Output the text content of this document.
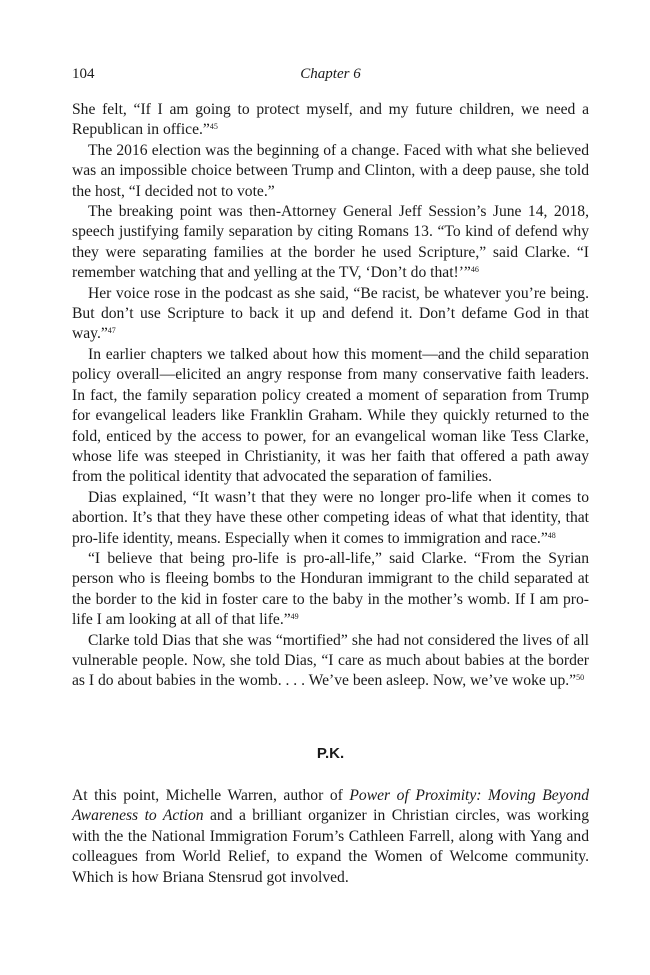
104	Chapter 6

She felt, “If I am going to protect myself, and my future children, we need a Republican in office.”$^{45}$

The 2016 election was the beginning of a change. Faced with what she believed was an impossible choice between Trump and Clinton, with a deep pause, she told the host, “I decided not to vote.”

The breaking point was then-Attorney General Jeff Session’s June 14, 2018, speech justifying family separation by citing Romans 13. “To kind of defend why they were separating families at the border he used Scripture,” said Clarke. “I remember watching that and yelling at the TV, ‘Don’t do that!’”$^{46}$

Her voice rose in the podcast as she said, “Be racist, be whatever you’re being. But don’t use Scripture to back it up and defend it. Don’t defame God in that way.”$^{47}$

In earlier chapters we talked about how this moment—and the child separation policy overall—elicited an angry response from many conservative faith leaders. In fact, the family separation policy created a moment of separation from Trump for evangelical leaders like Franklin Graham. While they quickly returned to the fold, enticed by the access to power, for an evangelical woman like Tess Clarke, whose life was steeped in Christianity, it was her faith that offered a path away from the political identity that advocated the separation of families.

Dias explained, “It wasn’t that they were no longer pro-life when it comes to abortion. It’s that they have these other competing ideas of what that identity, that pro-life identity, means. Especially when it comes to immigration and race.”$^{48}$

“I believe that being pro-life is pro-all-life,” said Clarke. “From the Syrian person who is fleeing bombs to the Honduran immigrant to the child separated at the border to the kid in foster care to the baby in the mother’s womb. If I am pro-life I am looking at all of that life.”$^{49}$

Clarke told Dias that she was “mortified” she had not considered the lives of all vulnerable people. Now, she told Dias, “I care as much about babies at the border as I do about babies in the womb. . . . We’ve been asleep. Now, we’ve woke up.”$^{50}$

P.K.

At this point, Michelle Warren, author of Power of Proximity: Moving Beyond Awareness to Action and a brilliant organizer in Christian circles, was working with the the National Immigration Forum’s Cathleen Farrell, along with Yang and colleagues from World Relief, to expand the Women of Welcome community. Which is how Briana Stensrud got involved.
